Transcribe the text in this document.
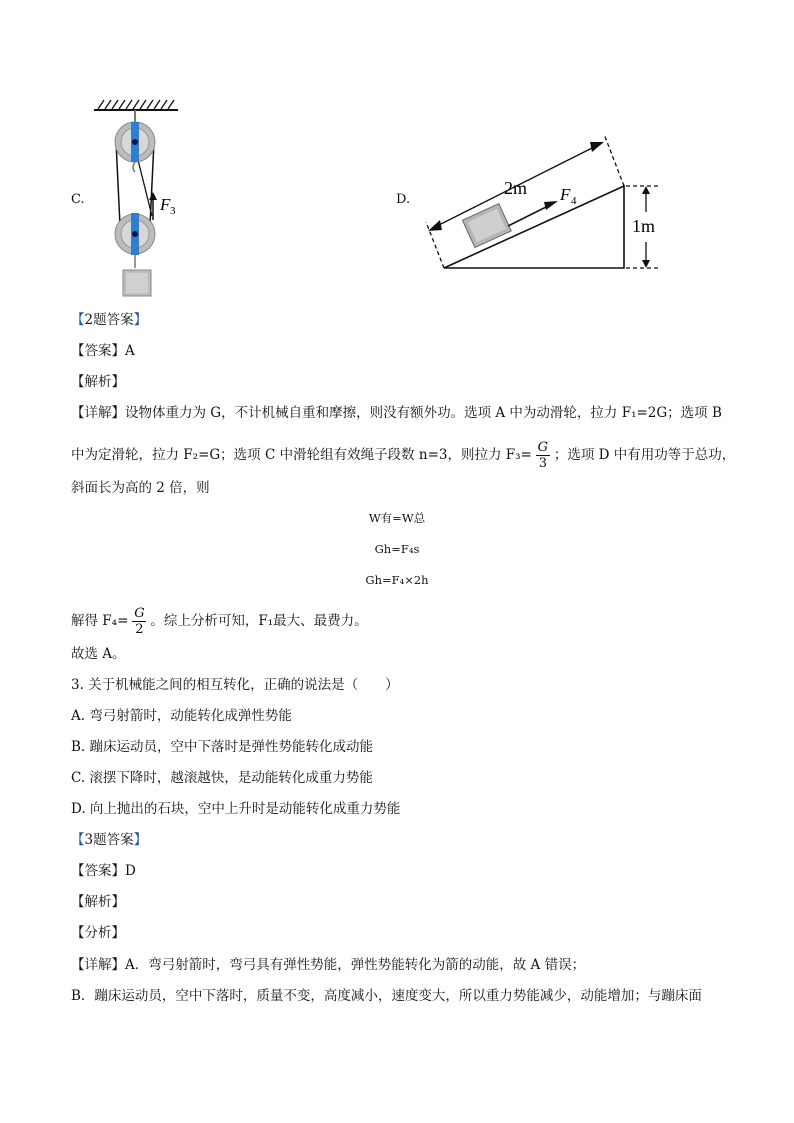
C.	F 3
D.
2m F 4
1m
【2题答案】
【答案】A
【解析】
【详解】设物体重力为 G，不计机械自重和摩擦，则没有额外功。选项 A 中为动滑轮，拉力 F₁=2G；选项 B
中为定滑轮，拉力 F₂=G；选项 C 中滑轮组有效绳子段数 n=3，则拉力 $F_3= \frac{G}{3}$ ；选项 D 中有用功等于总功，
斜面长为高的 2 倍，则
W有=W总
Gh=F₄s
Gh=F₄×2h
解得 $F_4= \frac{G}{2}$ 。综上分析可知，F₁最大、最费力。
故选 A。
3. 关于机械能之间的相互转化，正确的说法是（　　）
A. 弯弓射箭时，动能转化成弹性势能
B. 蹦床运动员，空中下落时是弹性势能转化成动能
C. 滚摆下降时，越滚越快，是动能转化成重力势能
D. 向上抛出的石块，空中上升时是动能转化成重力势能
【3题答案】
【答案】D
【解析】
【分析】
【详解】A．弯弓射箭时，弯弓具有弹性势能，弹性势能转化为箭的动能，故 A 错误；
B．蹦床运动员，空中下落时，质量不变，高度减小，速度变大，所以重力势能减少，动能增加；与蹦床面
